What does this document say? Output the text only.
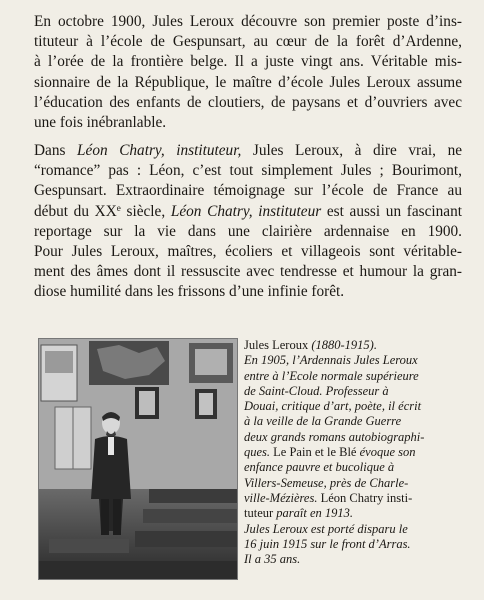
En octobre 1900, Jules Leroux découvre son premier poste d’ins-
tituteur à l’école de Gespunsart, au cœur de la forêt d’Ardenne,
à l’orée de la frontière belge. Il a juste vingt ans. Véritable mis-
sionnaire de la République, le maître d’école Jules Leroux assume
l’éducation des enfants de cloutiers, de paysans et d’ouvriers avec
une fois inébranlable.
Dans Léon Chatry, instituteur, Jules Leroux, à dire vrai, ne
“romance” pas : Léon, c’est tout simplement Jules ; Bourimont,
Gespunsart. Extraordinaire témoignage sur l’école de France au
début du XXe siècle, Léon Chatry, instituteur est aussi un fascinant
reportage sur la vie dans une clairière ardennaise en 1900.
Pour Jules Leroux, maîtres, écoliers et villageois sont véritable-
ment des âmes dont il ressuscite avec tendresse et humour la gran-
diose humilité dans les frissons d’une infinie forêt.
Jules Leroux (1880-1915).
En 1905, l’Ardennais Jules Leroux
entre à l’Ecole normale supérieure
de Saint-Cloud. Professeur à
Douai, critique d’art, poète, il écrit
à la veille de la Grande Guerre
deux grands romans autobiographi-
ques. Le Pain et le Blé évoque son
enfance pauvre et bucolique à
Villers-Semeuse, près de Charle-
ville-Mézières. Léon Chatry insti-
tuteur paraît en 1913.
Jules Leroux est porté disparu le
16 juin 1915 sur le front d’Arras.
Il a 35 ans.
